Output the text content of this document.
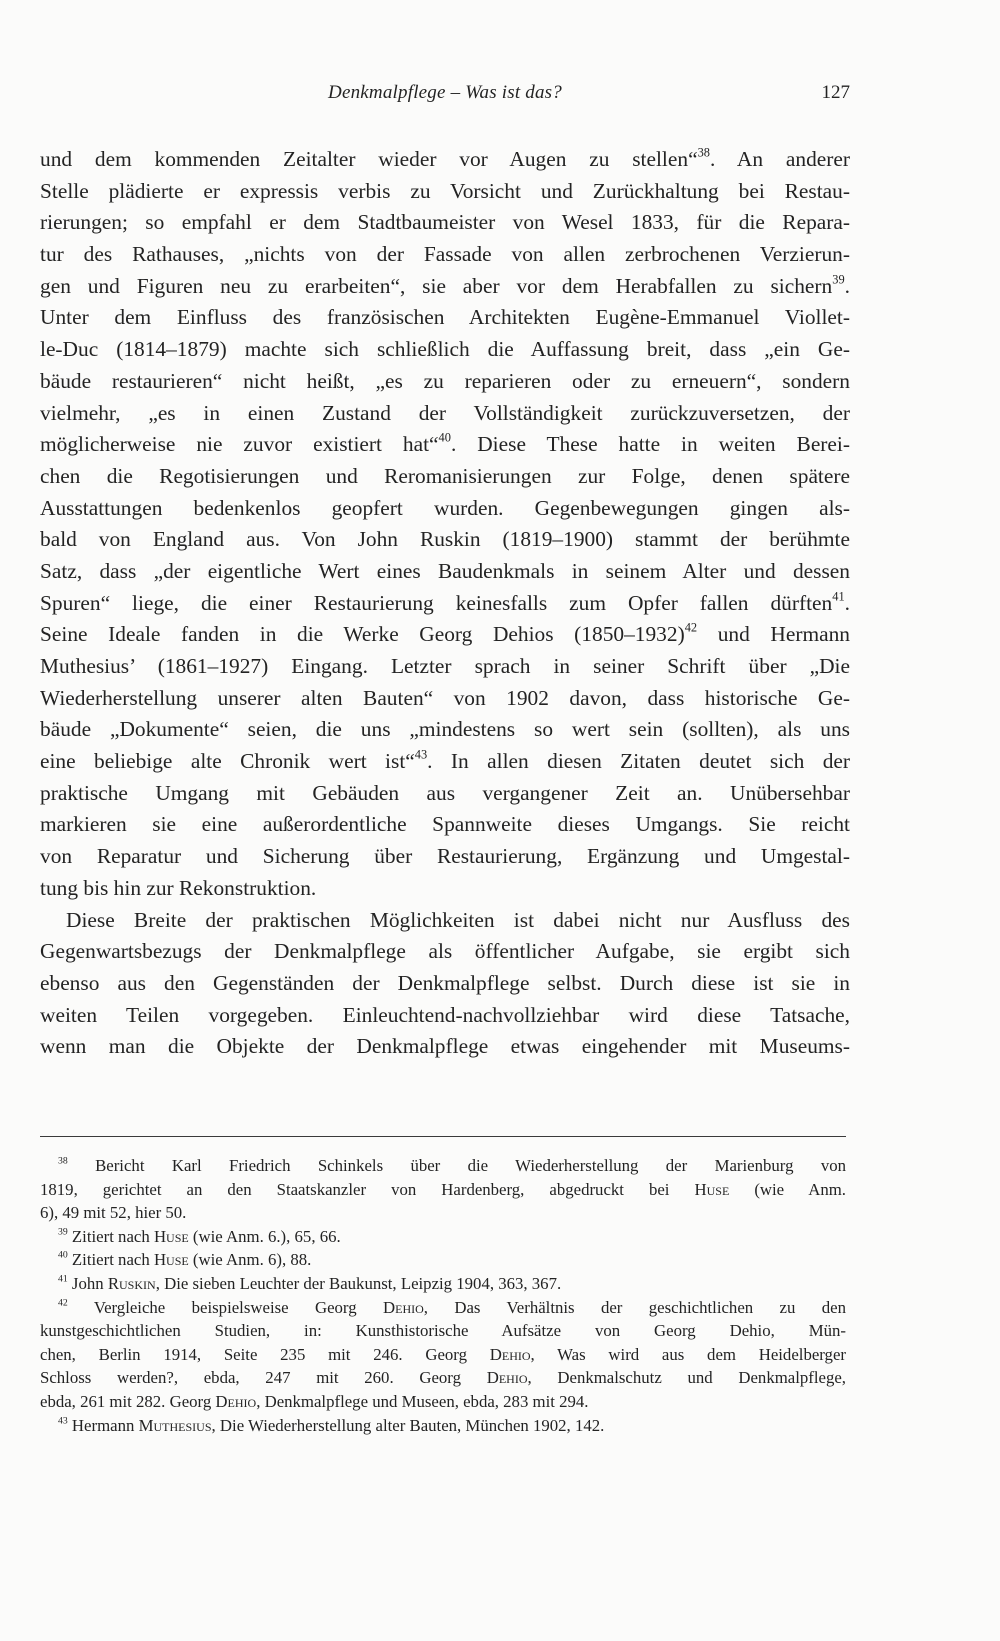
Denkmalpflege – Was ist das?	127
und dem kommenden Zeitalter wieder vor Augen zu stellen“$^{38}$. An anderer
Stelle plädierte er expressis verbis zu Vorsicht und Zurückhaltung bei Restau-
rierungen; so empfahl er dem Stadtbaumeister von Wesel 1833, für die Repara-
tur des Rathauses, „nichts von der Fassade von allen zerbrochenen Verzierun-
gen und Figuren neu zu erarbeiten“, sie aber vor dem Herabfallen zu sichern$^{39}$.
Unter dem Einfluss des französischen Architekten Eugène-Emmanuel Viollet-
le-Duc (1814–1879) machte sich schließlich die Auffassung breit, dass „ein Ge-
bäude restaurieren“ nicht heißt, „es zu reparieren oder zu erneuern“, sondern
vielmehr, „es in einen Zustand der Vollständigkeit zurückzuversetzen, der
möglicherweise nie zuvor existiert hat“$^{40}$. Diese These hatte in weiten Berei-
chen die Regotisierungen und Reromanisierungen zur Folge, denen spätere
Ausstattungen bedenkenlos geopfert wurden. Gegenbewegungen gingen als-
bald von England aus. Von John Ruskin (1819–1900) stammt der berühmte
Satz, dass „der eigentliche Wert eines Baudenkmals in seinem Alter und dessen
Spuren“ liege, die einer Restaurierung keinesfalls zum Opfer fallen dürften$^{41}$.
Seine Ideale fanden in die Werke Georg Dehios (1850–1932)$^{42}$ und Hermann
Muthesius’ (1861–1927) Eingang. Letzter sprach in seiner Schrift über „Die
Wiederherstellung unserer alten Bauten“ von 1902 davon, dass historische Ge-
bäude „Dokumente“ seien, die uns „mindestens so wert sein (sollten), als uns
eine beliebige alte Chronik wert ist“$^{43}$. In allen diesen Zitaten deutet sich der
praktische Umgang mit Gebäuden aus vergangener Zeit an. Unübersehbar
markieren sie eine außerordentliche Spannweite dieses Umgangs. Sie reicht
von Reparatur und Sicherung über Restaurierung, Ergänzung und Umgestal-
tung bis hin zur Rekonstruktion.
Diese Breite der praktischen Möglichkeiten ist dabei nicht nur Ausfluss des
Gegenwartsbezugs der Denkmalpflege als öffentlicher Aufgabe, sie ergibt sich
ebenso aus den Gegenständen der Denkmalpflege selbst. Durch diese ist sie in
weiten Teilen vorgegeben. Einleuchtend-nachvollziehbar wird diese Tatsache,
wenn man die Objekte der Denkmalpflege etwas eingehender mit Museums-
$^{38}$ Bericht Karl Friedrich Schinkels über die Wiederherstellung der Marienburg von
1819, gerichtet an den Staatskanzler von Hardenberg, abgedruckt bei Huse (wie Anm.
6), 49 mit 52, hier 50.
$^{39}$ Zitiert nach Huse (wie Anm. 6.), 65, 66.
$^{40}$ Zitiert nach Huse (wie Anm. 6), 88.
$^{41}$ John Ruskin, Die sieben Leuchter der Baukunst, Leipzig 1904, 363, 367.
$^{42}$ Vergleiche beispielsweise Georg Dehio, Das Verhältnis der geschichtlichen zu den
kunstgeschichtlichen Studien, in: Kunsthistorische Aufsätze von Georg Dehio, Mün-
chen, Berlin 1914, Seite 235 mit 246. Georg Dehio, Was wird aus dem Heidelberger
Schloss werden?, ebda, 247 mit 260. Georg Dehio, Denkmalschutz und Denkmalpflege,
ebda, 261 mit 282. Georg Dehio, Denkmalpflege und Museen, ebda, 283 mit 294.
$^{43}$ Hermann Muthesius, Die Wiederherstellung alter Bauten, München 1902, 142.
